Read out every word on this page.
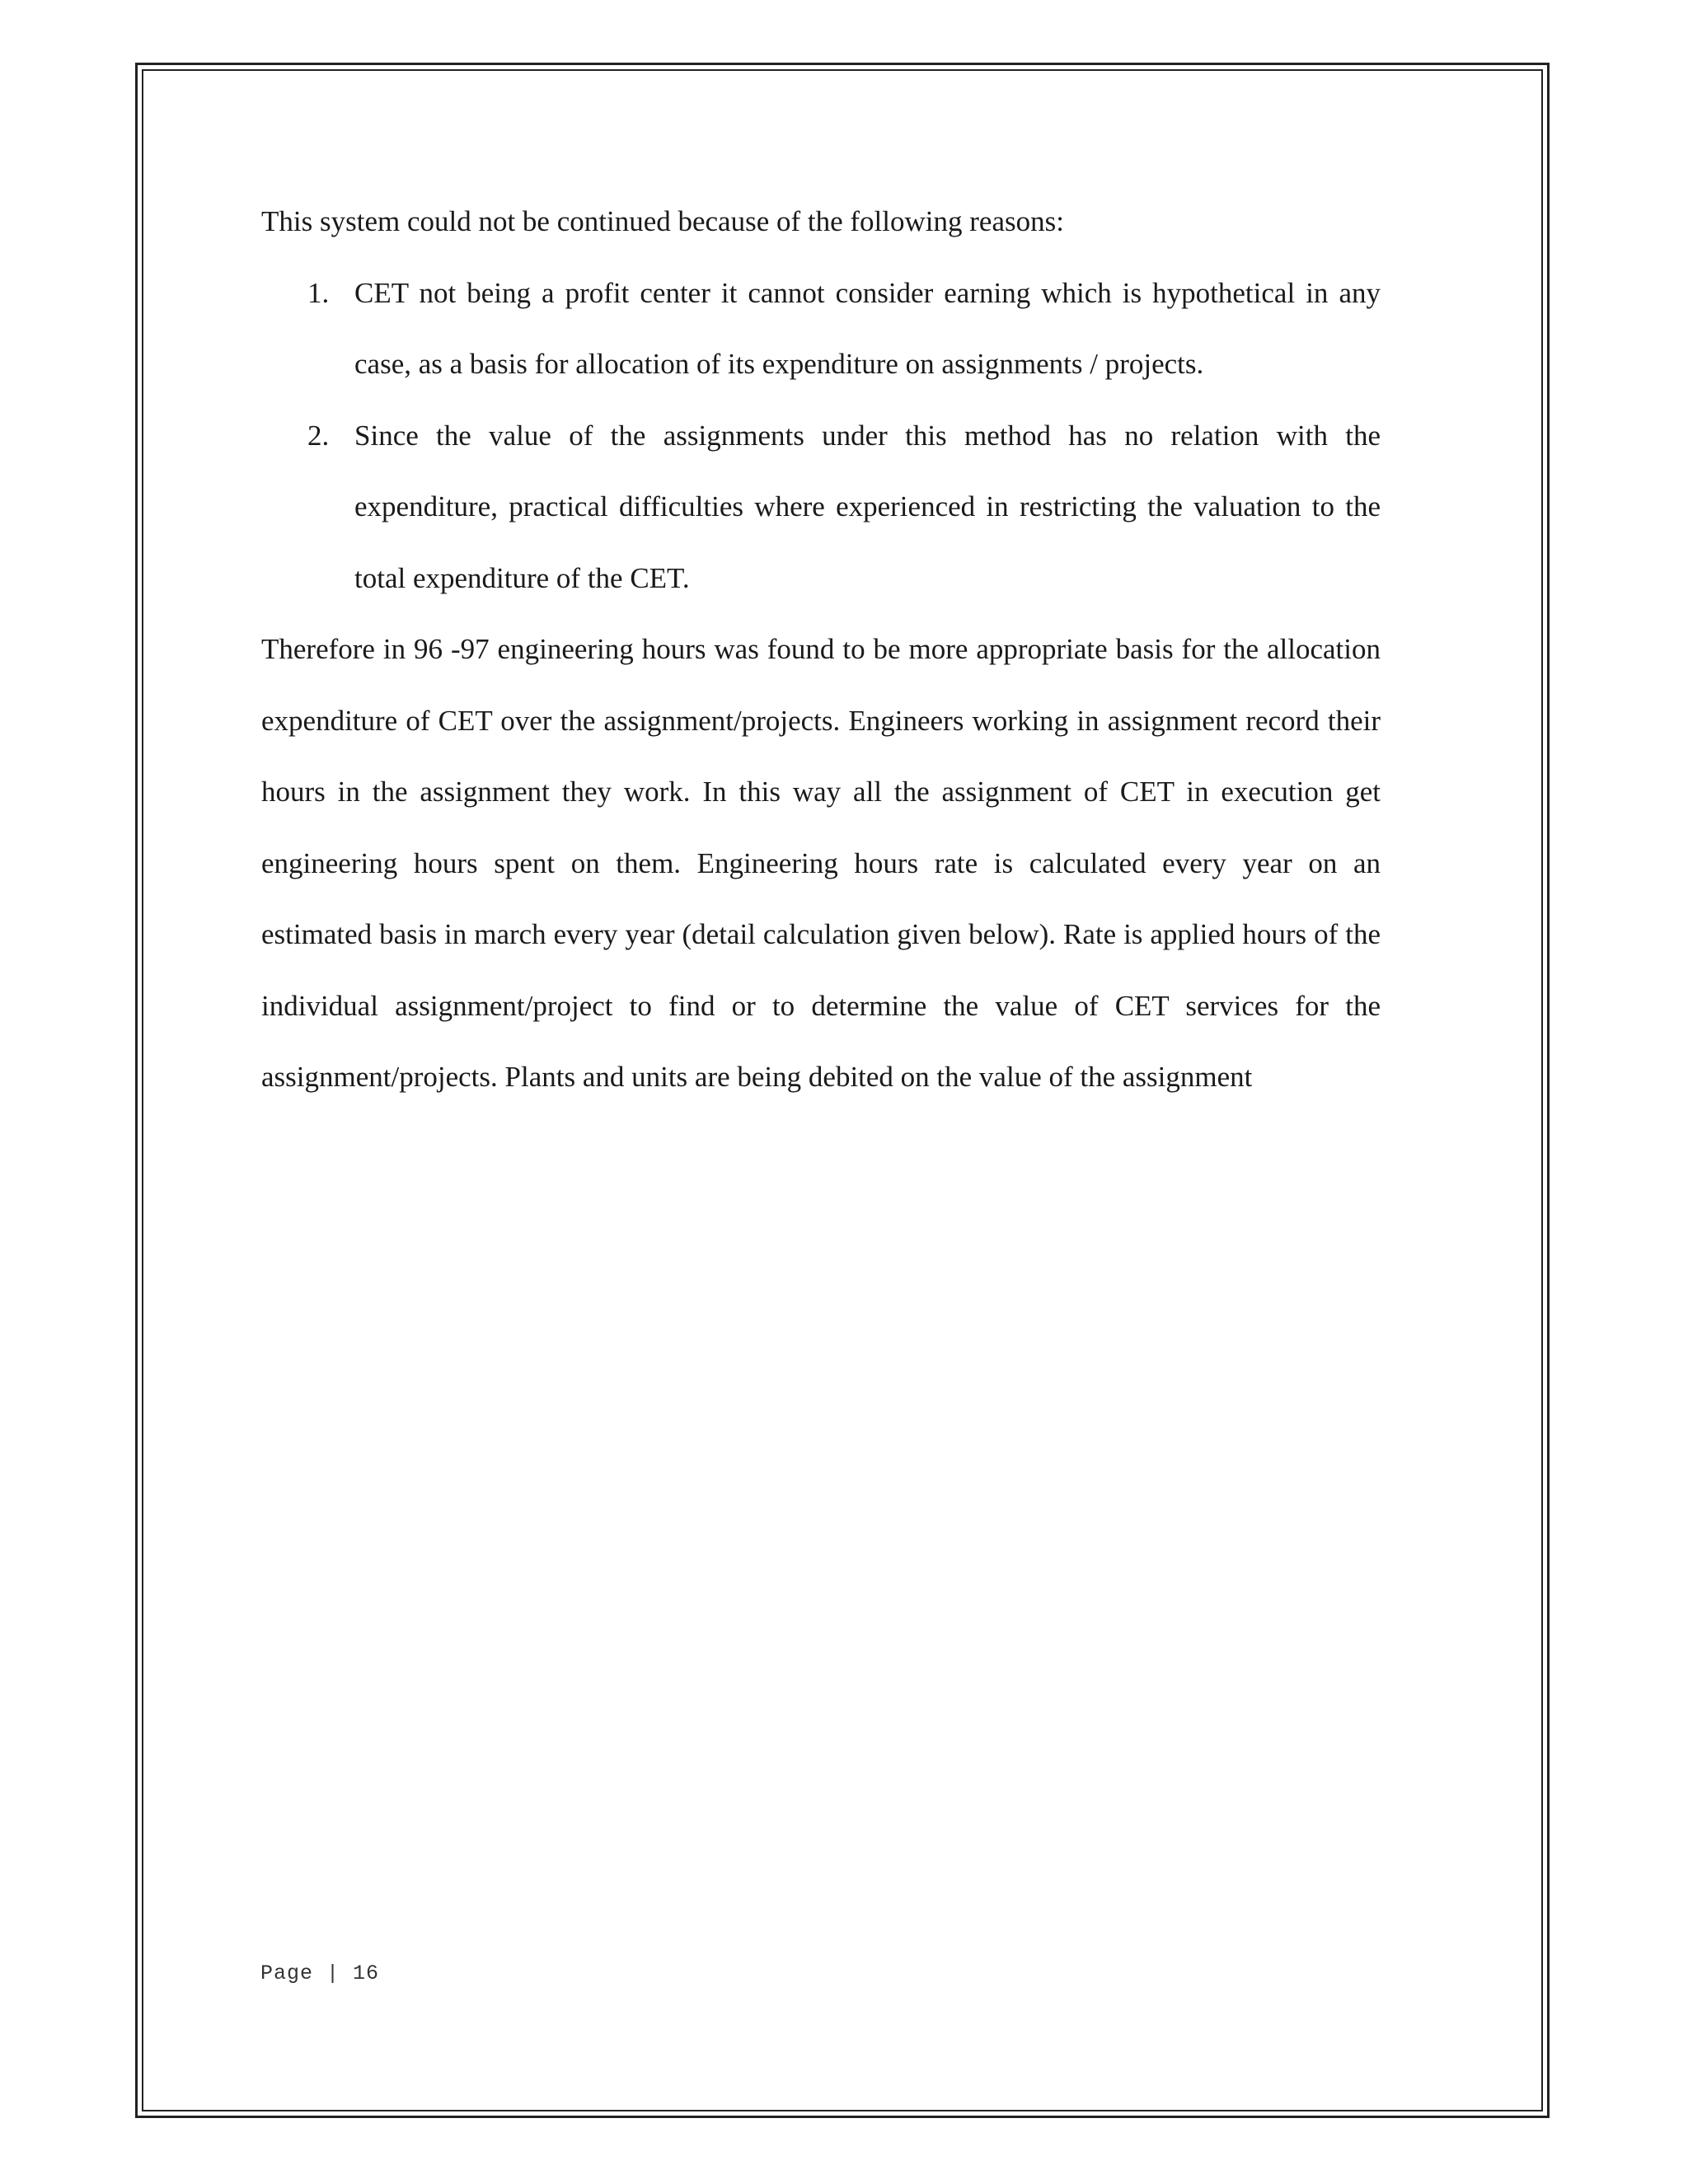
This system could not be continued because of the following reasons:

1. CET not being a profit center it cannot consider earning which is hypothetical in any case, as a basis for allocation of its expenditure on assignments / projects.
2. Since the value of the assignments under this method has no relation with the expenditure, practical difficulties where experienced in restricting the valuation to the total expenditure of the CET.

Therefore in 96 -97 engineering hours was found to be more appropriate basis for the allocation expenditure of CET over the assignment/projects. Engineers working in assignment record their hours in the assignment they work. In this way all the assignment of CET in execution get engineering hours spent on them. Engineering hours rate is calculated every year on an estimated basis in march every year (detail calculation given below). Rate is applied hours of the individual assignment/project to find or to determine the value of CET services for the assignment/projects. Plants and units are being debited on the value of the assignment

Page | 16
